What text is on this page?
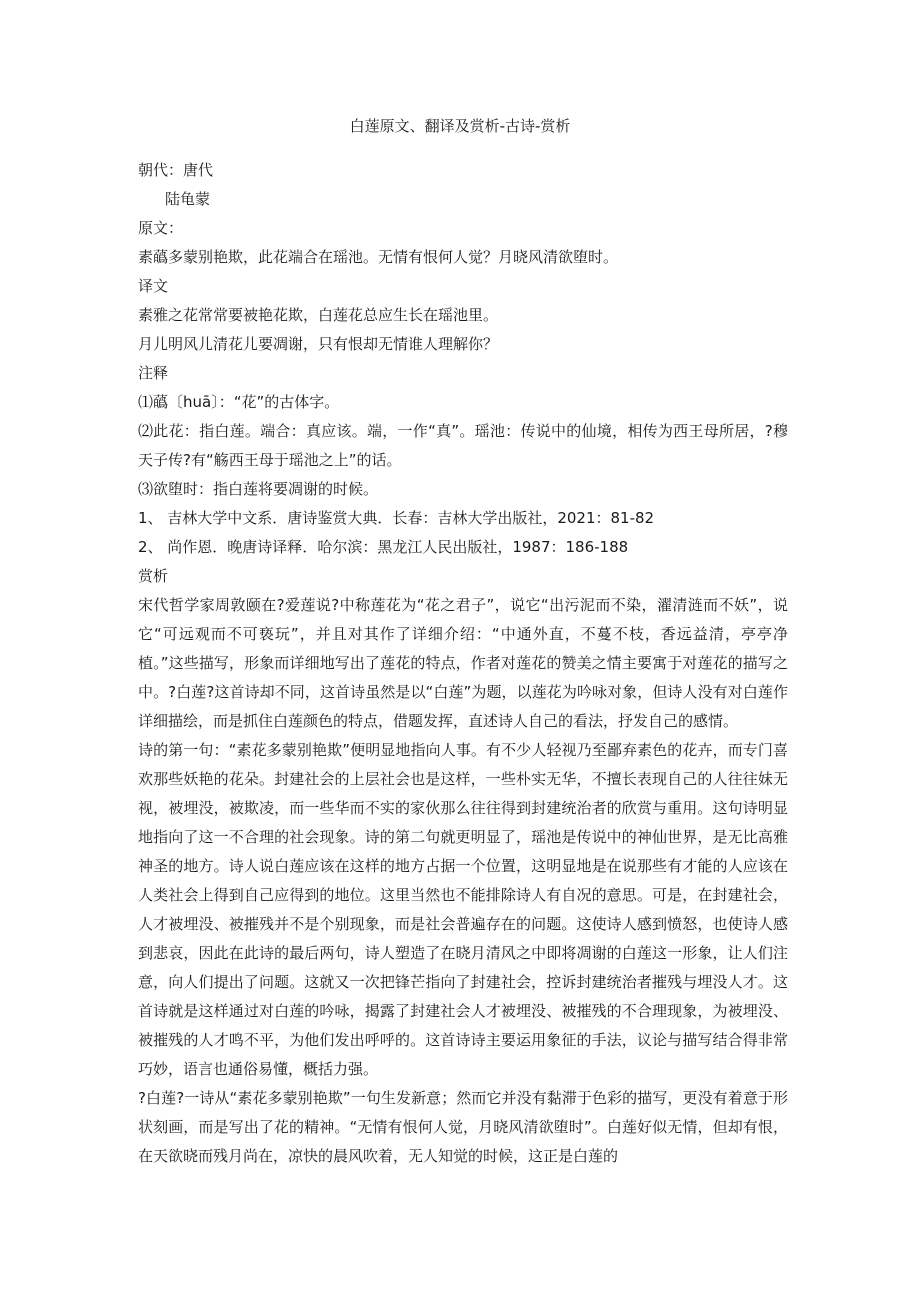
白莲原文、翻译及赏析-古诗-赏析

朝代：唐代

陆龟蒙

原文：

素蘤多蒙别艳欺，此花端合在瑶池。无情有恨何人觉？月晓风清欲堕时。

译文

素雅之花常常要被艳花欺，白莲花总应生长在瑶池里。

月儿明风儿清花儿要凋谢，只有恨却无情谁人理解你？

注释

⑴蘤〔huā〕：“花”的古体字。

⑵此花：指白莲。端合：真应该。端，一作“真”。瑶池：传说中的仙境，相传为西王母所居，?穆天子传?有“觞西王母于瑶池之上”的话。

⑶欲堕时：指白莲将要凋谢的时候。

1、 吉林大学中文系．唐诗鉴赏大典．长春：吉林大学出版社，2021：81-82

2、 尚作恩．晚唐诗译释．哈尔滨：黑龙江人民出版社，1987：186-188

赏析

宋代哲学家周敦颐在?爱莲说?中称莲花为“花之君子”，说它“出污泥而不染，濯清涟而不妖”，说它“可远观而不可亵玩”，并且对其作了详细介绍：“中通外直，不蔓不枝，香远益清，亭亭净植。”这些描写，形象而详细地写出了莲花的特点，作者对莲花的赞美之情主要寓于对莲花的描写之中。?白莲?这首诗却不同，这首诗虽然是以“白莲”为题，以莲花为吟咏对象，但诗人没有对白莲作详细描绘，而是抓住白莲颜色的特点，借题发挥，直述诗人自己的看法，抒发自己的感情。

诗的第一句：“素花多蒙别艳欺”便明显地指向人事。有不少人轻视乃至鄙弃素色的花卉，而专门喜欢那些妖艳的花朵。封建社会的上层社会也是这样，一些朴实无华，不擅长表现自己的人往往妹无视，被埋没，被欺凌，而一些华而不实的家伙那么往往得到封建统治者的欣赏与重用。这句诗明显地指向了这一不合理的社会现象。诗的第二句就更明显了，瑶池是传说中的神仙世界，是无比高雅神圣的地方。诗人说白莲应该在这样的地方占据一个位置，这明显地是在说那些有才能的人应该在人类社会上得到自己应得到的地位。这里当然也不能排除诗人有自况的意思。可是，在封建社会，人才被埋没、被摧残并不是个别现象，而是社会普遍存在的问题。这使诗人感到愤怒，也使诗人感到悲哀，因此在此诗的最后两句，诗人塑造了在晓月清风之中即将凋谢的白莲这一形象，让人们注意，向人们提出了问题。这就又一次把锋芒指向了封建社会，控诉封建统治者摧残与埋没人才。这首诗就是这样通过对白莲的吟咏，揭露了封建社会人才被埋没、被摧残的不合理现象，为被埋没、被摧残的人才鸣不平，为他们发出呼呼的。这首诗诗主要运用象征的手法，议论与描写结合得非常巧妙，语言也通俗易懂，概括力强。

?白莲?一诗从“素花多蒙别艳欺”一句生发新意；然而它并没有黏滞于色彩的描写，更没有着意于形状刻画，而是写出了花的精神。“无情有恨何人觉，月晓风清欲堕时”。白莲好似无情，但却有恨，在天欲晓而残月尚在，凉快的晨风吹着，无人知觉的时候，这正是白莲的
